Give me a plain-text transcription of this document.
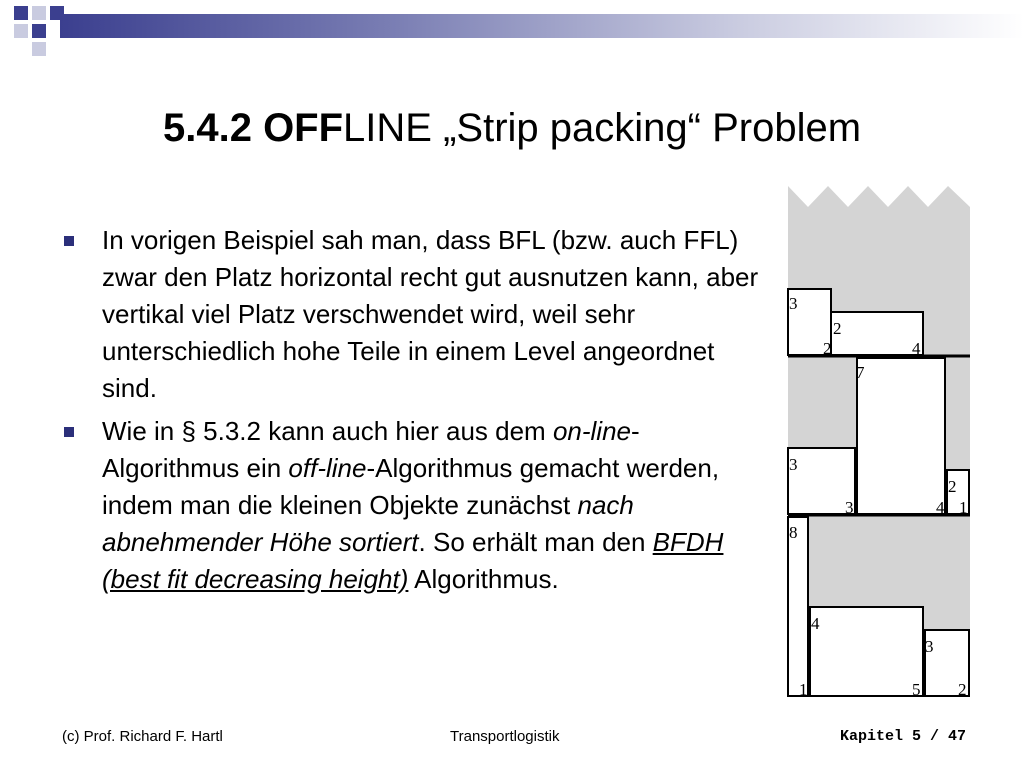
5.4.2 OFFLINE „Strip packing“ Problem
In vorigen Beispiel sah man, dass BFL (bzw. auch FFL) zwar den Platz horizontal recht gut ausnutzen kann, aber vertikal viel Platz verschwendet wird, weil sehr unterschiedlich hohe Teile in einem Level angeordnet sind.
Wie in § 5.3.2 kann auch hier aus dem on-line-Algorithmus ein off-line-Algorithmus gemacht werden, indem man die kleinen Objekte zunächst nach abnehmender Höhe sortiert. So erhält man den BFDH (best fit decreasing height) Algorithmus.
3
2
2	4
7
3
2
3	4 1
8
4
3
1	5 2
(c) Prof. Richard F. Hartl	Transportlogistik	Kapitel 5 / 47
